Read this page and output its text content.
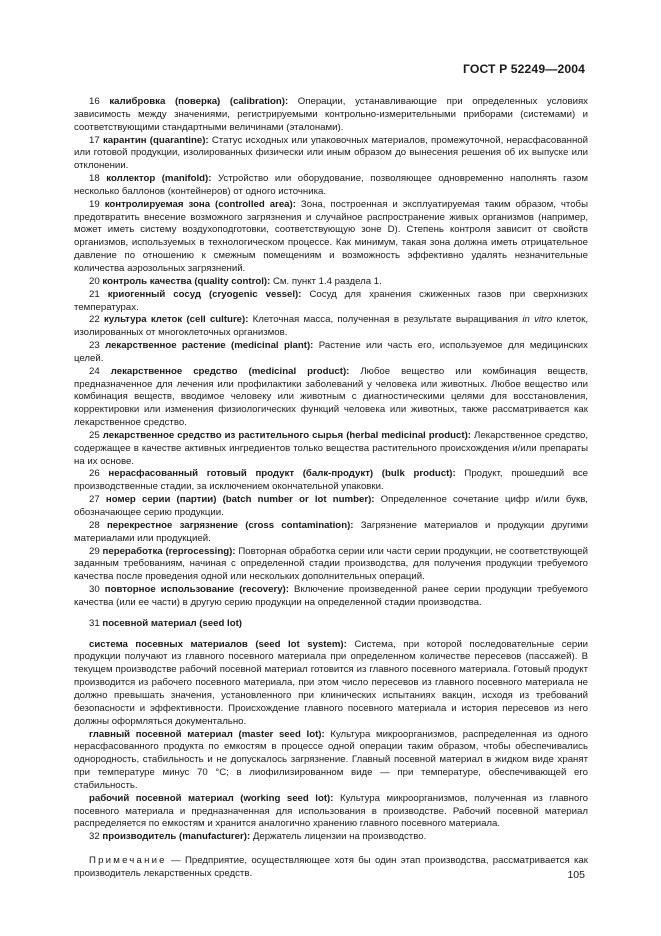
ГОСТ Р 52249—2004

16 калибровка (поверка) (calibration): Операции, устанавливающие при определенных условиях зависимость между значениями, регистрируемыми контрольно-измерительными приборами (системами) и соответствующими стандартными величинами (эталонами).

17 карантин (quarantine): Статус исходных или упаковочных материалов, промежуточной, нерасфасованной или готовой продукции, изолированных физически или иным образом до вынесения решения об их выпуске или отклонении.

18 коллектор (manifold): Устройство или оборудование, позволяющее одновременно наполнять газом несколько баллонов (контейнеров) от одного источника.

19 контролируемая зона (controlled area): Зона, построенная и эксплуатируемая таким образом, чтобы предотвратить внесение возможного загрязнения и случайное распространение живых организмов (например, может иметь систему воздухоподготовки, соответствующую зоне D). Степень контроля зависит от свойств организмов, используемых в технологическом процессе. Как минимум, такая зона должна иметь отрицательное давление по отношению к смежным помещениям и возможность эффективно удалять незначительные количества аэрозольных загрязнений.

20 контроль качества (quality control): См. пункт 1.4 раздела 1.

21 криогенный сосуд (cryogenic vessel): Сосуд для хранения сжиженных газов при сверхнизких температурах.

22 культура клеток (cell culture): Клеточная масса, полученная в результате выращивания in vitro клеток, изолированных от многоклеточных организмов.

23 лекарственное растение (medicinal plant): Растение или часть его, используемое для медицинских целей.

24 лекарственное средство (medicinal product): Любое вещество или комбинация веществ, предназначенное для лечения или профилактики заболеваний у человека или животных. Любое вещество или комбинация веществ, вводимое человеку или животным с диагностическими целями для восстановления, корректировки или изменения физиологических функций человека или животных, также рассматривается как лекарственное средство.

25 лекарственное средство из растительного сырья (herbal medicinal product): Лекарственное средство, содержащее в качестве активных ингредиентов только вещества растительного происхождения и/или препараты на их основе.

26 нерасфасованный готовый продукт (балк-продукт) (bulk product): Продукт, прошедший все производственные стадии, за исключением окончательной упаковки.

27 номер серии (партии) (batch number or lot number): Определенное сочетание цифр и/или букв, обозначающее серию продукции.

28 перекрестное загрязнение (cross contamination): Загрязнение материалов и продукции другими материалами или продукцией.

29 переработка (reprocessing): Повторная обработка серии или части серии продукции, не соответствующей заданным требованиям, начиная с определенной стадии производства, для получения продукции требуемого качества после проведения одной или нескольких дополнительных операций.

30 повторное использование (recovery): Включение произведенной ранее серии продукции требуемого качества (или ее части) в другую серию продукции на определенной стадии производства.

31 посевной материал (seed lot)

система посевных материалов (seed lot system): Система, при которой последовательные серии продукции получают из главного посевного материала при определенном количестве пересевов (пассажей). В текущем производстве рабочий посевной материал готовится из главного посевного материала. Готовый продукт производится из рабочего посевного материала, при этом число пересевов из главного посевного материала не должно превышать значения, установленного при клинических испытаниях вакцин, исходя из требований безопасности и эффективности. Происхождение главного посевного материала и история пересевов из него должны оформляться документально.

главный посевной материал (master seed lot): Культура микроорганизмов, распределенная из одного нерасфасованного продукта по емкостям в процессе одной операции таким образом, чтобы обеспечивались однородность, стабильность и не допускалось загрязнение. Главный посевной материал в жидком виде хранят при температуре минус 70 °C; в лиофилизированном виде — при температуре, обеспечивающей его стабильность.

рабочий посевной материал (working seed lot): Культура микроорганизмов, полученная из главного посевного материала и предназначенная для использования в производстве. Рабочий посевной материал распределяется по емкостям и хранится аналогично хранению главного посевного материала.

32 производитель (manufacturer): Держатель лицензии на производство.

Примечание — Предприятие, осуществляющее хотя бы один этап производства, рассматривается как производитель лекарственных средств.	105
